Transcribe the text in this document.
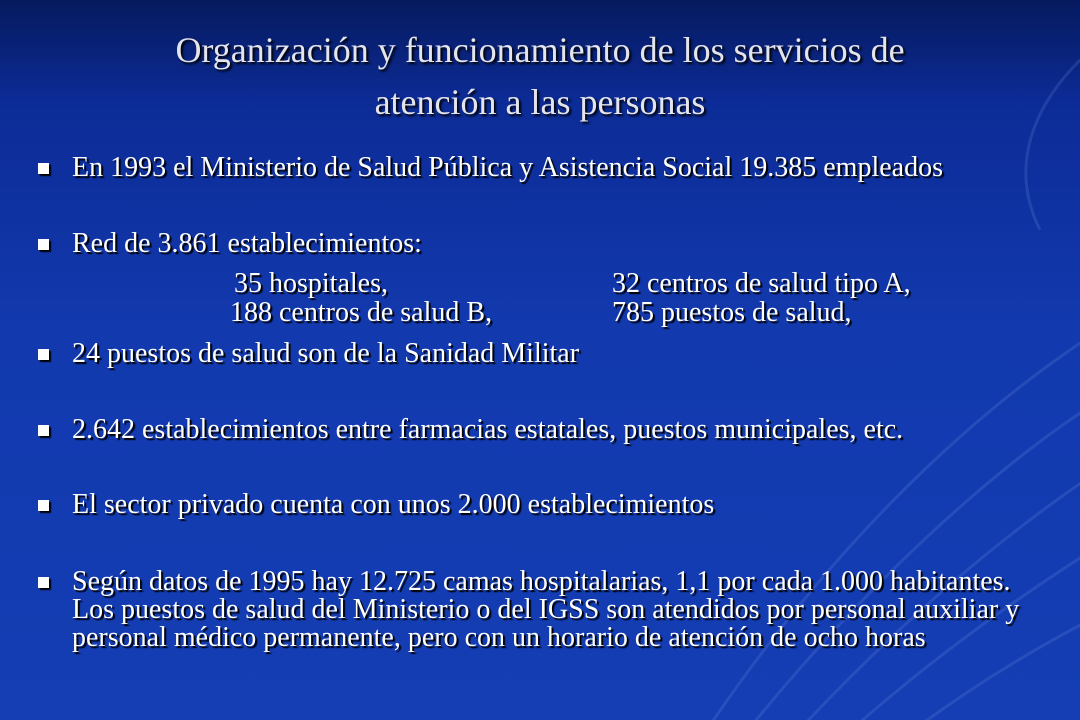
Organización y funcionamiento de los servicios de
atención a las personas
En 1993 el Ministerio de Salud Pública y Asistencia Social 19.385 empleados
Red de 3.861 establecimientos:
35 hospitales,	32 centros de salud tipo A,
188 centros de salud B,	785 puestos de salud,
24 puestos de salud son de la Sanidad Militar
2.642 establecimientos entre farmacias estatales, puestos municipales, etc.
El sector privado cuenta con unos 2.000 establecimientos
Según datos de 1995 hay 12.725 camas hospitalarias, 1,1 por cada 1.000 habitantes. Los puestos de salud del Ministerio o del IGSS son atendidos por personal auxiliar y personal médico permanente, pero con un horario de atención de ocho horas
